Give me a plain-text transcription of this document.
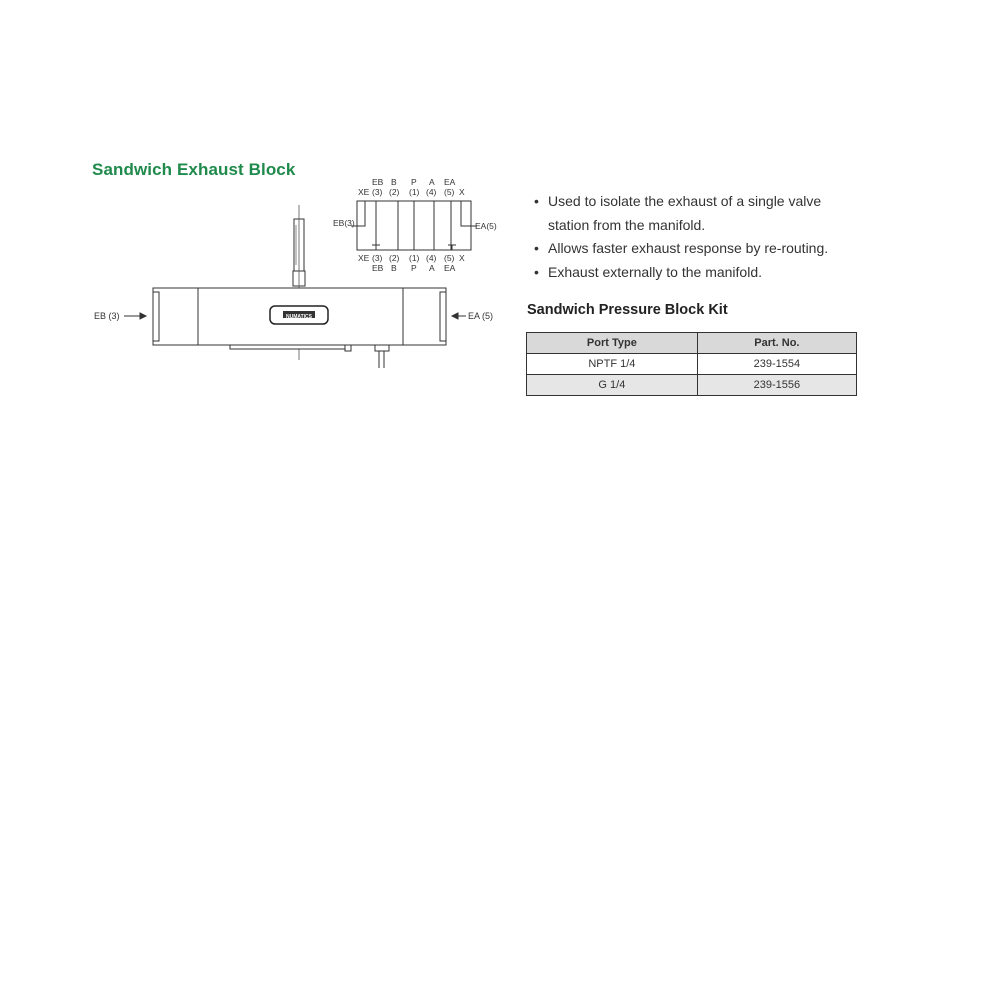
Sandwich Exhaust Block
EB B P A EA
XE (3) (2) (1) (4) (5) X
EB(3)	EA(5)
XE (3) (2) (1) (4) (5) X
EB B P A EA
NUMATICS
EB (3)	EA (5)
• Used to isolate the exhaust of a single valve station from the manifold.
• Allows faster exhaust response by re-routing.
• Exhaust externally to the manifold.
Sandwich Pressure Block Kit
Port Type	Part. No.
NPTF 1/4	239-1554
G 1/4	239-1556
